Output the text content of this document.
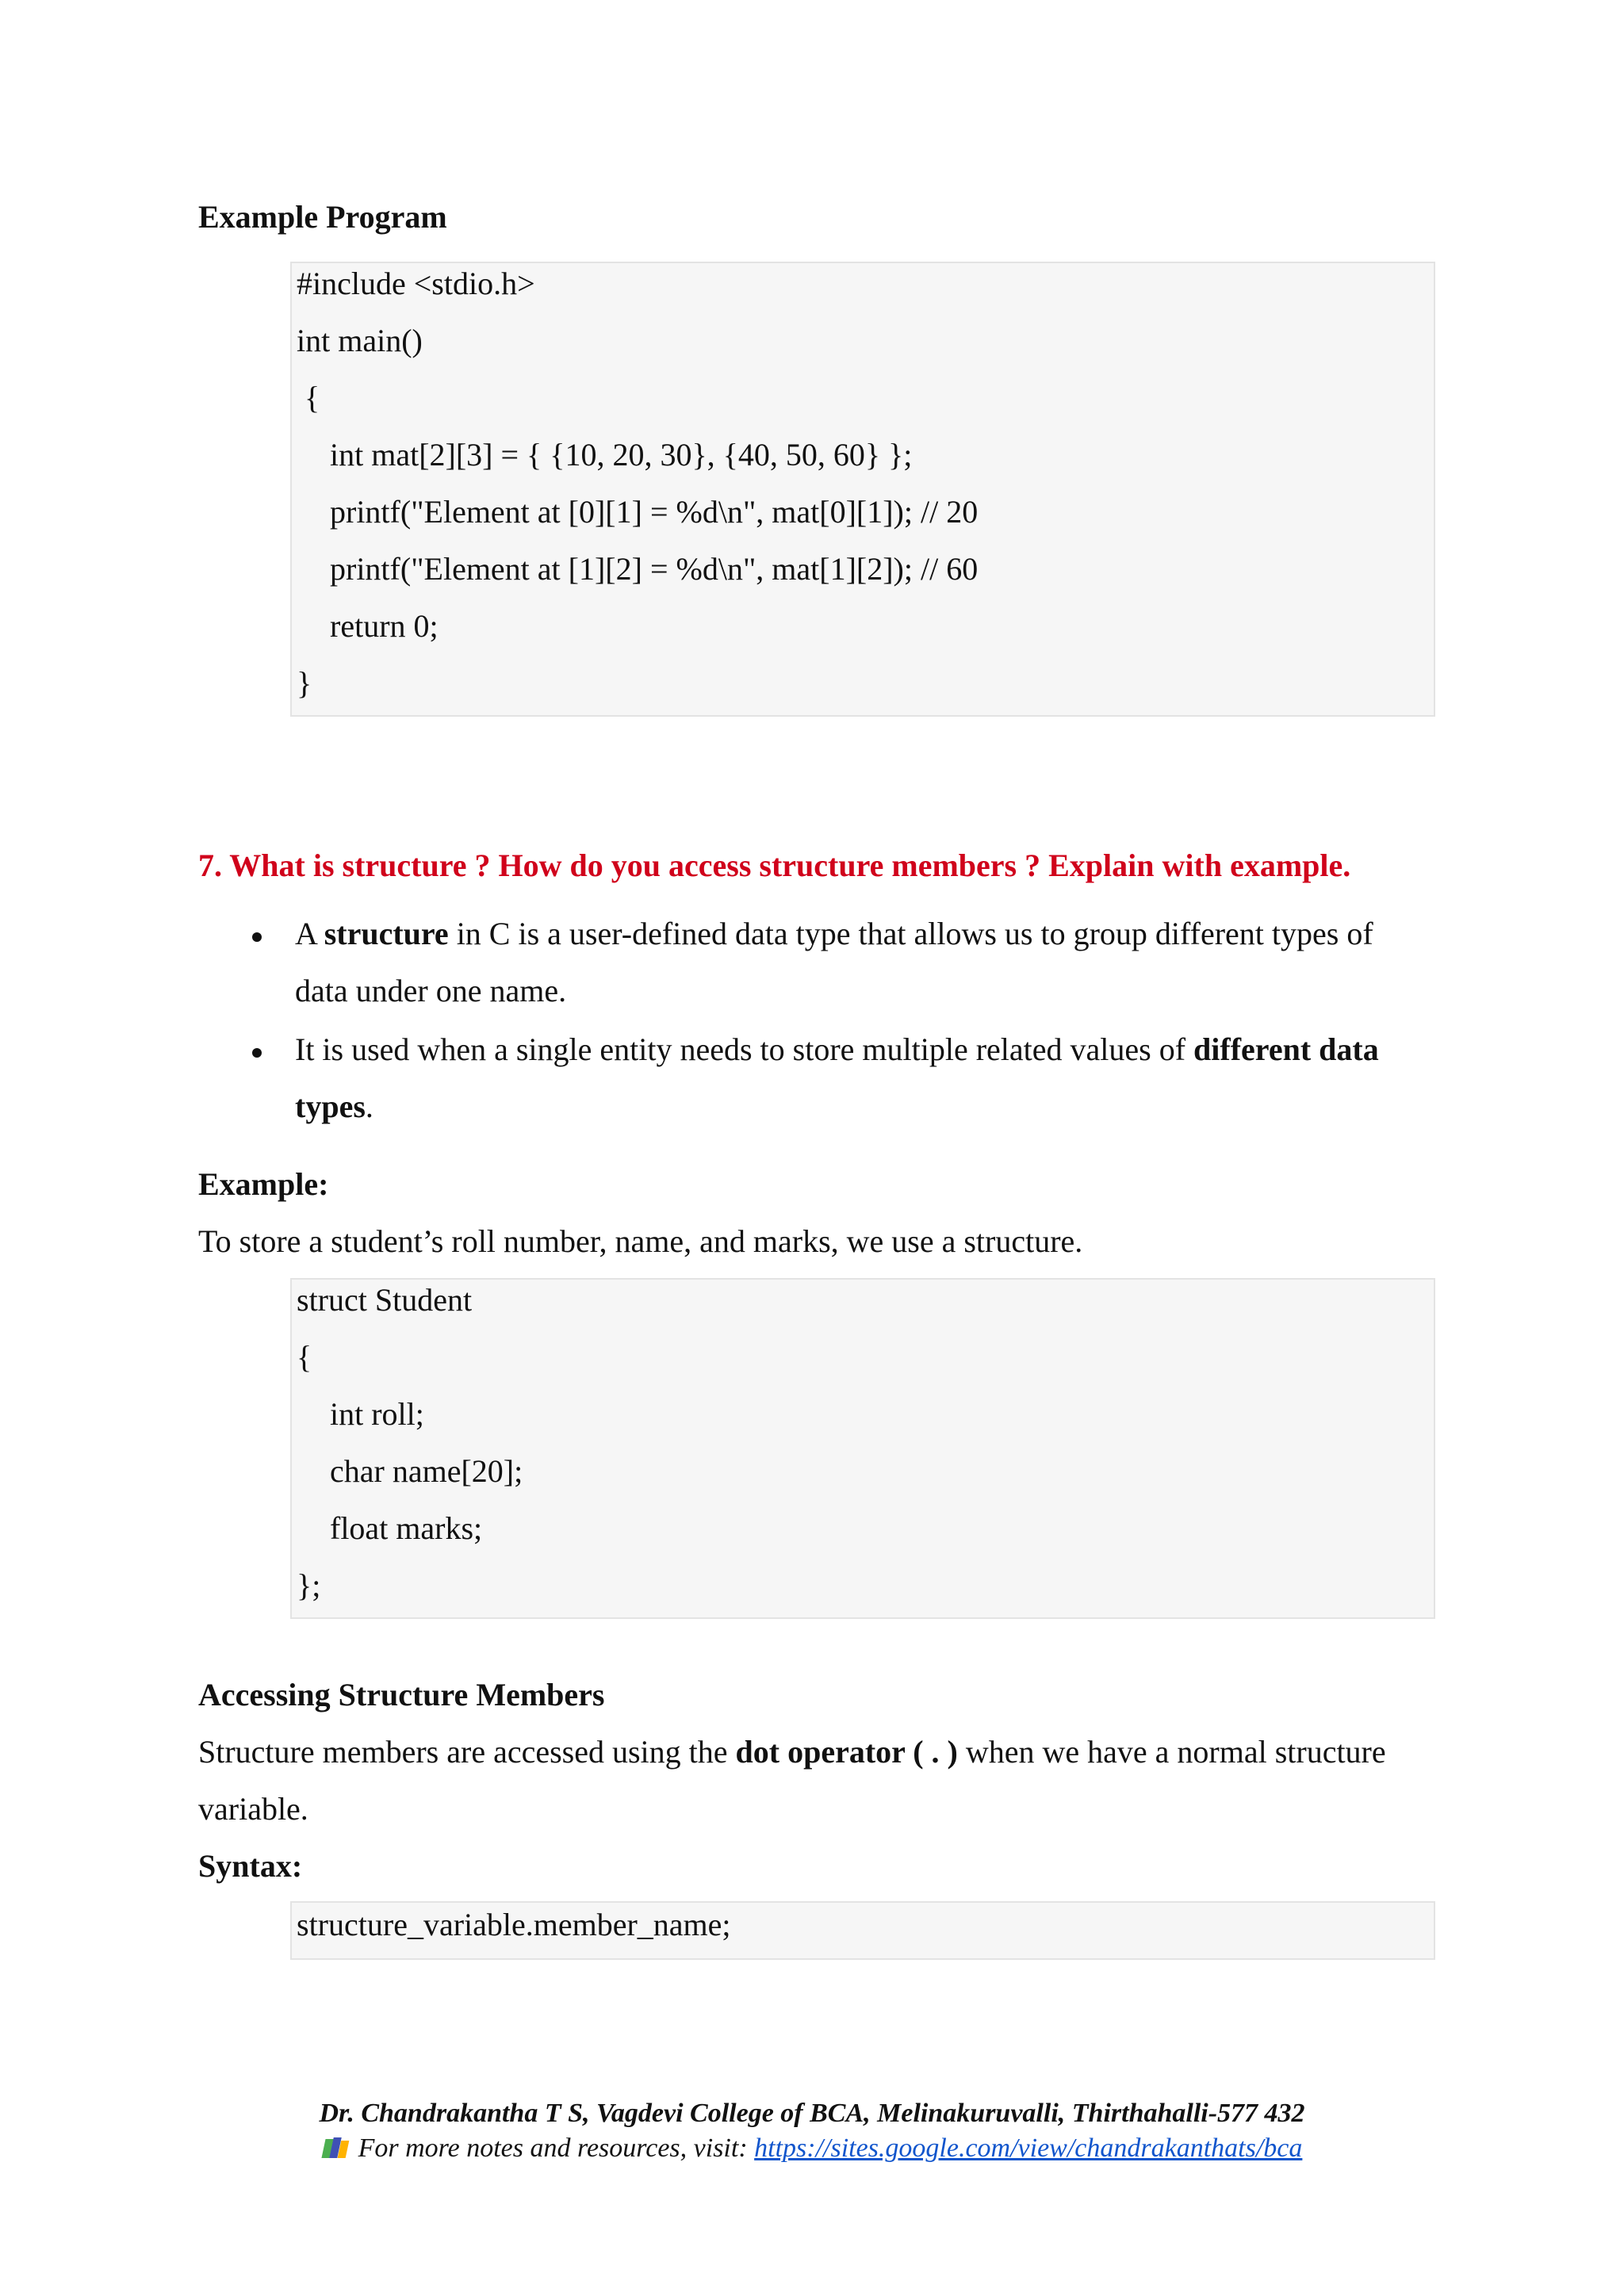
Example Program
#include <stdio.h>
int main()
{
int mat[2][3] = { {10, 20, 30}, {40, 50, 60} };
printf("Element at [0][1] = %d\n", mat[0][1]); // 20
printf("Element at [1][2] = %d\n", mat[1][2]); // 60
return 0;
}
7. What is structure ? How do you access structure members ? Explain with example.
A structure in C is a user-defined data type that allows us to group different types of
data under one name.
It is used when a single entity needs to store multiple related values of different data
types.
Example:
To store a student’s roll number, name, and marks, we use a structure.
struct Student
{
int roll;
char name[20];
float marks;
};
Accessing Structure Members
Structure members are accessed using the dot operator ( . ) when we have a normal structure
variable.
Syntax:
structure_variable.member_name;
Dr. Chandrakantha T S, Vagdevi College of BCA, Melinakuruvalli, Thirthahalli-577 432
For more notes and resources, visit: https://sites.google.com/view/chandrakanthats/bca
